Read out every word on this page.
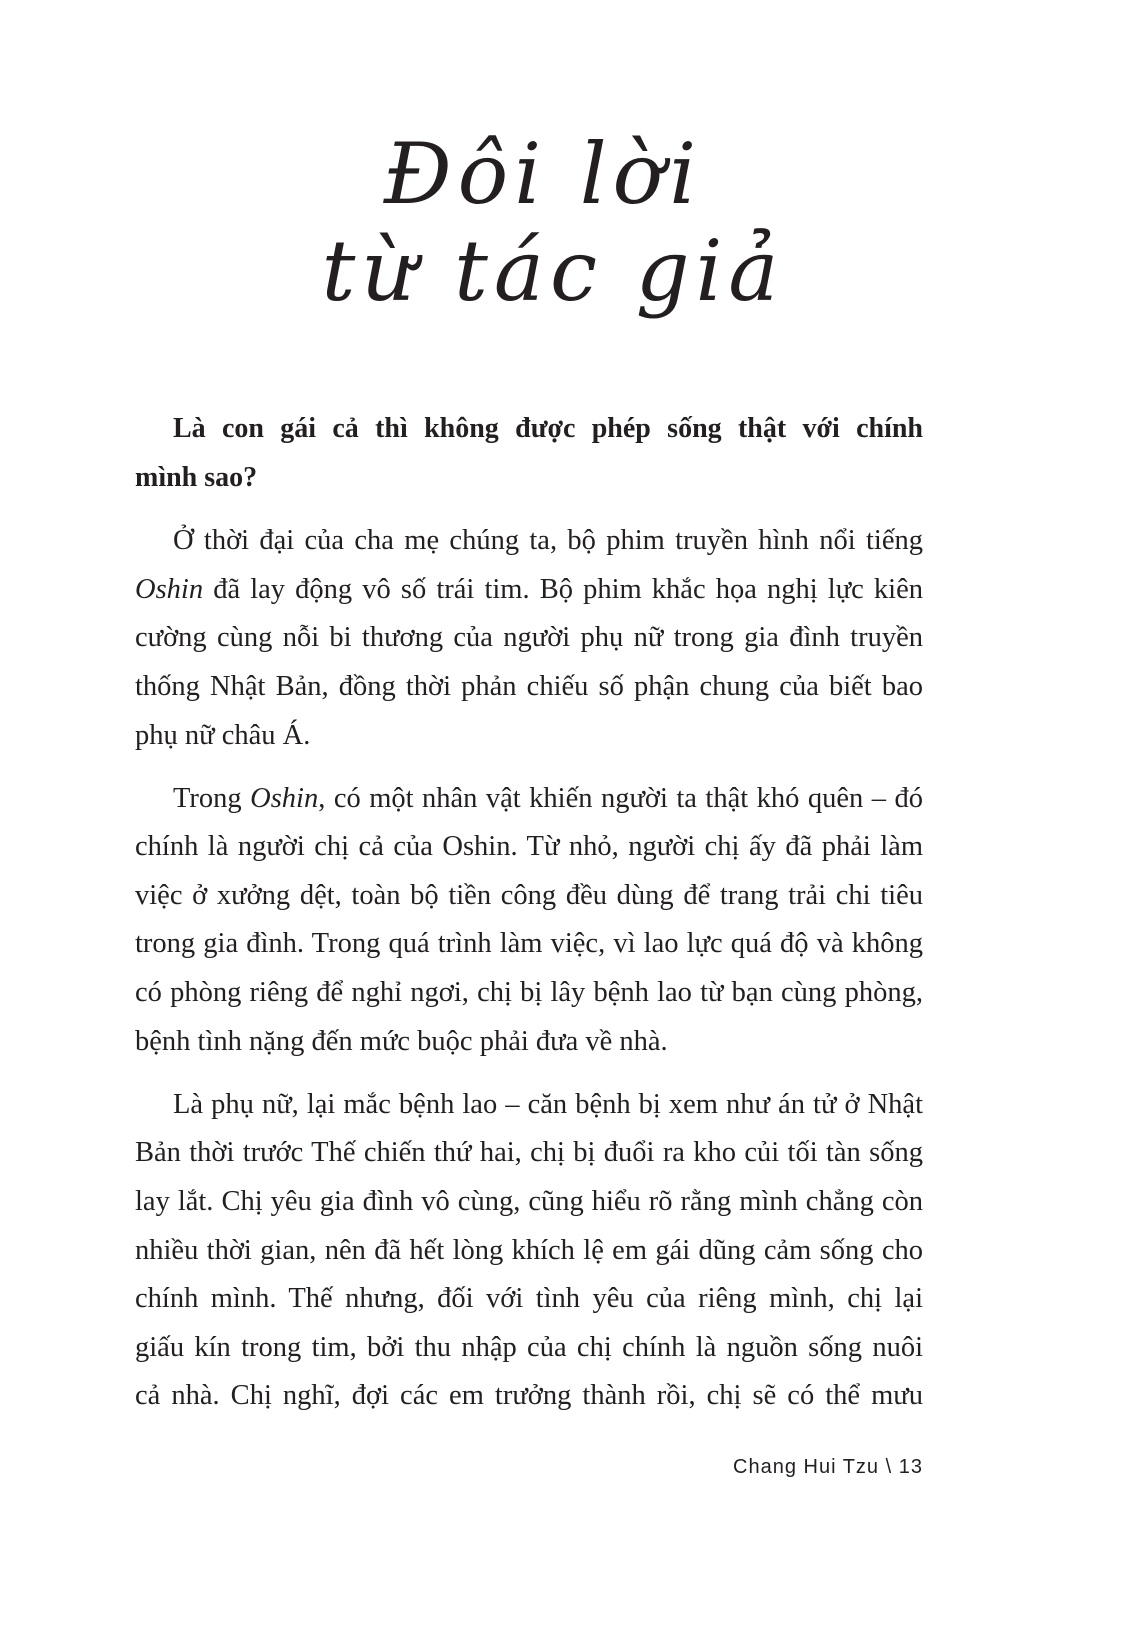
Đôi lời
từ tác giả
Là con gái cả thì không được phép sống thật với chính
mình sao?
Ở thời đại của cha mẹ chúng ta, bộ phim truyền hình nổi tiếng
Oshin đã lay động vô số trái tim. Bộ phim khắc họa nghị lực kiên
cường cùng nỗi bi thương của người phụ nữ trong gia đình truyền
thống Nhật Bản, đồng thời phản chiếu số phận chung của biết bao
phụ nữ châu Á.
Trong Oshin, có một nhân vật khiến người ta thật khó quên – đó
chính là người chị cả của Oshin. Từ nhỏ, người chị ấy đã phải làm
việc ở xưởng dệt, toàn bộ tiền công đều dùng để trang trải chi tiêu
trong gia đình. Trong quá trình làm việc, vì lao lực quá độ và không
có phòng riêng để nghỉ ngơi, chị bị lây bệnh lao từ bạn cùng phòng,
bệnh tình nặng đến mức buộc phải đưa về nhà.
Là phụ nữ, lại mắc bệnh lao – căn bệnh bị xem như án tử ở Nhật
Bản thời trước Thế chiến thứ hai, chị bị đuổi ra kho củi tối tàn sống
lay lắt. Chị yêu gia đình vô cùng, cũng hiểu rõ rằng mình chẳng còn
nhiều thời gian, nên đã hết lòng khích lệ em gái dũng cảm sống cho
chính mình. Thế nhưng, đối với tình yêu của riêng mình, chị lại
giấu kín trong tim, bởi thu nhập của chị chính là nguồn sống nuôi
cả nhà. Chị nghĩ, đợi các em trưởng thành rồi, chị sẽ có thể mưu
Chang Hui Tzu \ 13
